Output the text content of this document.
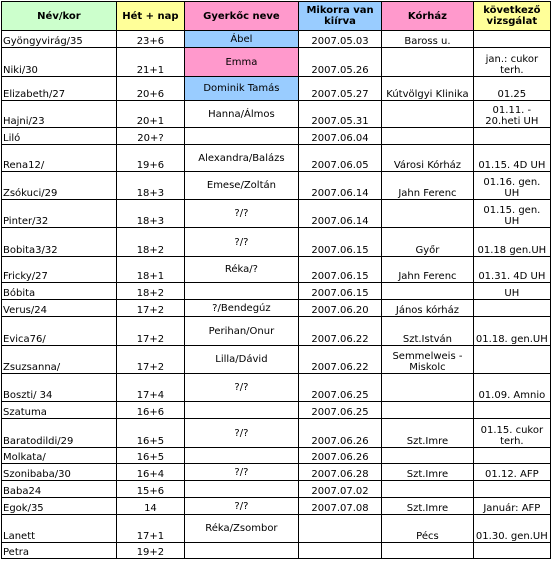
Név/kor	Hét + nap	Gyerkőc neve	Mikorra van kiírva	Kórház	következő vizsgálat
Gyöngyvirág/35	23+6	Ábel	2007.05.03	Baross u.	
Niki/30	21+1	Emma	2007.05.26		jan.: cukor terh.
Elizabeth/27	20+6	Dominik Tamás	2007.05.27	Kútvölgyi Klinika	01.25
Hajni/23	20+1	Hanna/Álmos	2007.05.31		01.11. - 20.heti UH
Liló	20+?		2007.06.04		
Rena12/	19+6	Alexandra/Balázs	2007.06.05	Városi Kórház	01.15. 4D UH
Zsókuci/29	18+3	Emese/Zoltán	2007.06.14	Jahn Ferenc	01.16. gen. UH
Pinter/32	18+3	?/?	2007.06.14		01.15. gen. UH
Bobita3/32	18+2	?/?	2007.06.15	Győr	01.18 gen.UH
Fricky/27	18+1	Réka/?	2007.06.15	Jahn Ferenc	01.31. 4D UH
Bóbita	18+2		2007.06.15		UH
Verus/24	17+2	?/Bendegúz	2007.06.20	János kórház	
Evica76/	17+2	Perihan/Onur	2007.06.22	Szt.István	01.18. gen.UH
Zsuzsanna/	17+2	Lilla/Dávid	2007.06.22	Semmelweis - Miskolc	
Boszti/ 34	17+4	?/?	2007.06.25		01.09. Amnio
Szatuma	16+6		2007.06.25		
Baratodildi/29	16+5	?/?	2007.06.26	Szt.Imre	01.15. cukor terh.
Molkata/	16+5		2007.06.26		
Szonibaba/30	16+4	?/?	2007.06.28	Szt.Imre	01.12. AFP
Baba24	15+6		2007.07.02		
Egok/35	14	?/?	2007.07.08	Szt.Imre	Január: AFP
Lanett	17+1	Réka/Zsombor		Pécs	01.30. gen.UH
Petra	19+2				
